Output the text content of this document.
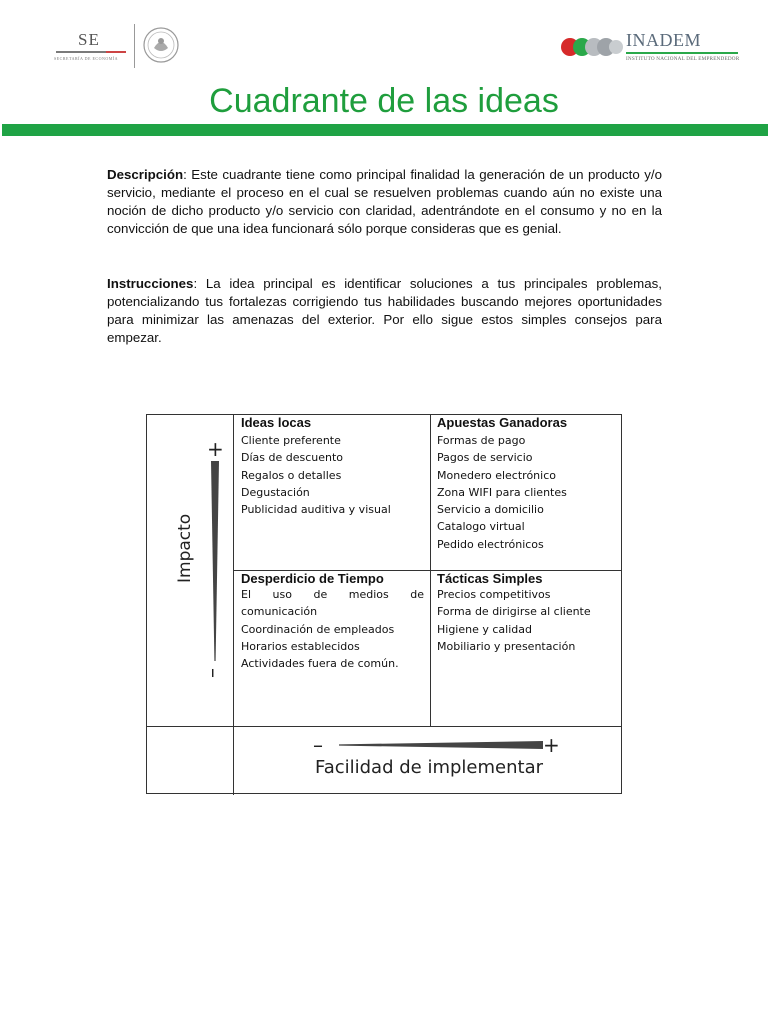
SE
SECRETARÍA DE ECONOMÍA
INADEM
INSTITUTO NACIONAL DEL EMPRENDEDOR
Cuadrante de las ideas

Descripción: Este cuadrante tiene como principal finalidad la generación de un producto y/o servicio, mediante el proceso en el cual se resuelven problemas cuando aún no existe una noción de dicho producto y/o servicio con claridad, adentrándote en el consumo y no en la convicción de que una idea funcionará sólo porque consideras que es genial.

Instrucciones: La idea principal es identificar soluciones a tus principales problemas, potencializando tus fortalezas corrigiendo tus habilidades buscando mejores oportunidades para minimizar las amenazas del exterior. Por ello sigue estos simples consejos para empezar.

+
–
Impacto
Ideas locas
Cliente preferente
Días de descuento
Regalos o detalles
Degustación
Publicidad auditiva y visual
Apuestas Ganadoras
Formas de pago
Pagos de servicio
Monedero electrónico
Zona WIFI para clientes
Servicio a domicilio
Catalogo virtual
Pedido electrónicos
Desperdicio de Tiempo
El uso de medios de
comunicación
Coordinación de empleados
Horarios establecidos
Actividades fuera de común.
Tácticas Simples
Precios competitivos
Forma de dirigirse al cliente
Higiene y calidad
Mobiliario y presentación
–	+
Facilidad de implementar
